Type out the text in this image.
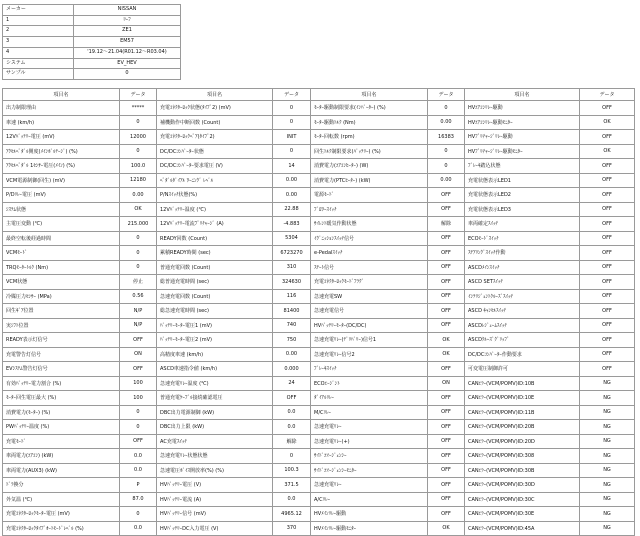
メーカー	NISSAN
1	ﾘｰﾌ
2	ZE1
3	EM57
4	'19.12～21.04(R01.12～R03.04)
システム	EV_HEV
サンプル	0
項目名	データ	項目名	データ	項目名	データ	項目名	データ
出力制限理由	*****	充電ｺﾈｸﾀｰﾛｯｸ状態(ﾀｲﾌﾟ2) (mV)	0	ﾓｰﾀｰ駆動制限要求(ｲﾝﾊﾞｰﾀｰ) (%)	0	HVｴｱｺﾝﾘﾚｰ駆動	OFF
車速 (km/h)	0	補機動作中断回数 (Count)	0	ﾓｰﾀｰ駆動ﾄﾙｸ (Nm)	0.00	HVｴｱｺﾝﾘﾚｰ駆動ﾓﾆﾀｰ	OK
12Vﾊﾞｯﾃﾘｰ電圧 (mV)	12000	充電ｺﾈｸﾀｰﾛｯｸﾍﾟｱ(ﾀｲﾌﾟ2)	INIT	ﾓｰﾀｰ回転数 (rpm)	16383	HVﾌﾟﾘﾁｬｰｼﾞﾘﾚｰ駆動	OFF
ｱｸｾﾙﾍﾟﾀﾞﾙ開度(ﾒｲﾝﾎﾞﾙﾃｰｼﾞ) (%)	0	DC/DCｺﾝﾊﾞｰﾀｰ状態	0	回生ﾄﾙｸ制限要求(ﾊﾞｯﾃﾘｰ) (%)	0	HVﾌﾟﾘﾁｬｰｼﾞﾘﾚｰ駆動ﾓﾆﾀｰ	OK
ｱｸｾﾙﾍﾟﾀﾞﾙ 1ｾﾝｻｰ電圧(ﾒｲﾝ) (%)	100.0	DC/DCｺﾝﾊﾞｰﾀｰ要求電圧 (V)	14	消費電力(ｴｱｺﾝﾋｰﾀｰ) (W)	0	ﾌﾞﾚｰｷ踏込状態	OFF
VCM電源制御(回生) (mV)	12180	ﾍﾟﾀﾞﾙﾀﾞｲｱﾙ ﾜｰﾆﾝｸﾞ ﾚﾍﾞﾙ	0.00	消費電力(PTCﾋｰﾀｰ) (kW)	0.00	充電状態表示LED1	OFF
P/Dﾘﾚｰ電圧 (mV)	0.00	P/Nｽｲｯﾁ状態(%)	0.00	電源ﾓｰﾄﾞ	OFF	充電状態表示LED2	OFF
ｼｽﾃﾑ状態	OK	12Vﾊﾞｯﾃﾘｰ温度 (℃)	22.88	ﾌﾞﾛﾜｰｽｲｯﾁ	OFF	充電状態表示LED3	OFF
主電圧変動 (℃)	215.000	12Vﾊﾞｯﾃﾘｰ電流ﾌﾟﾘﾁｬｰｼﾞ (A)	-4.883	ｻｲﾚﾝﾄ暖気作動状態	解除	車両確定ｽｲｯﾁ	OFF
最終空転後経過時間	0	READY回数 (Count)	5304	ｲｸﾞﾆｯｼｮﾝｽｲｯﾁ信号	OFF	ECOﾓｰﾄﾞｽｲｯﾁ	OFF
VCMﾓｰﾄﾞ	0	累積READY時間 (sec)	6723270	e-Pedalｽｲｯﾁ	OFF	ｽﾃｱﾘﾝｸﾞｽｲｯﾁ作動	OFF
TRQﾓｰﾀｰﾄﾙｸ (Nm)	0	普通充電回数 (Count)	310	ｽﾃｰﾄ信号	OFF	ASCDﾒｲﾝｽｲｯﾁ	OFF
VCM状態	停止	総普通充電時間 (sec)	324630	充電ｺﾈｸﾀｰﾛｯｸﾓｰﾄﾞﾌﾗｸﾞ	OFF	ASCD SETｽｲｯﾁ	OFF
冷媒圧力ｾﾝｻｰ (MPa)	0.56	急速充電回数 (Count)	116	急速充電SW	OFF	ｲﾝﾃﾘｼﾞｪﾝﾄｸﾙｰｽﾞｽｲｯﾁ	OFF
回生ｷﾞｱ位置	N/P	総急速充電時間 (sec)	81400	急速充電信号	OFF	ASCD ｷｬﾝｾﾙｽｲｯﾁ	OFF
実ｼﾌﾄ位置	N/P	ﾊﾞｯﾃﾘｰﾓｰﾀｰ電圧1 (mV)	740	HVﾊﾞｯﾃﾘｰﾓｰﾀｰ(DC/DC)	OFF	ASCDﾚｼﾞｭｰﾑｽｲｯﾁ	OFF
READY表示灯信号	OFF	ﾊﾞｯﾃﾘｰﾓｰﾀｰ電圧2 (mV)	750	急速充電ﾘﾚｰ(ﾃﾞﾘﾊﾞﾘｰ)信号1	OK	ASCDｸﾙｰｽﾞｸﾞﾘｯﾌﾟ	OFF
充電警告灯信号	ON	高精度車速 (km/h)	0.00	急速充電ﾘﾚｰ信号2	OK	DC/DCｺﾝﾊﾞｰﾀｰ作動要求	OFF
EVｼｽﾃﾑ警告灯信号	OFF	ASCD車速指令値 (km/h)	0.000	ﾌﾞﾚｰｷｽｲｯﾁ	OFF	可変電圧制御許可	OFF
有効ﾊﾞｯﾃﾘｰ電力割合 (%)	100	急速充電ﾘﾚｰ温度 (℃)	24	ECOｴｰｼﾞﾝﾄ	ON	CANｴﾗｰ(VCM/POMV)ID:10B	NG
ﾓｰﾀｰ回生電圧最大 (%)	100	普通充電ｹｰﾌﾞﾙ接続確認電圧	OFF	ﾀﾞｲｱﾙﾘﾚｰ	OFF	CANｴﾗｰ(VCM/POMV)ID:10E	NG
消費電力(ﾓｰﾀｰ) (%)	0	DBC出力電源制御 (kW)	0.0	M/Cﾘﾚｰ	OFF	CANｴﾗｰ(VCM/POMV)ID:11B	NG
PWﾊﾞｯﾃﾘｰ温度 (%)	0	DBC出力上限 (kW)	0.0	急速充電ﾘﾚｰ	OFF	CANｴﾗｰ(VCM/POMV)ID:20B	NG
充電ﾓｰﾄﾞ	OFF	AC充電ｽｲｯﾁ	解除	急速充電ﾘﾚｰ(+)	OFF	CANｴﾗｰ(VCM/POMV)ID:20D	NG
車両電力(ｴｱｺﾝ) (kW)	0.0	急速充電ﾘﾚｰ状態状態	0	ｻｲﾄﾞｴﾏｰｼﾞｪﾝｼｰ	OFF	CANｴﾗｰ(VCM/POMV)ID:308	NG
車両電力(AUX3) (kW)	0.0	急速電圧ﾎﾞｲｽ開放率(%) (%)	100.3	ｻｲﾄﾞｴﾏｰｼﾞｪﾝｼｰﾓﾆﾀｰ	OFF	CANｴﾗｰ(VCM/POMV)ID:30B	NG
ﾄﾞﾗ換分	P	HVﾊﾞｯﾃﾘｰ電圧 (V)	371.5	急速充電ﾘﾚｰ	OFF	CANｴﾗｰ(VCM/POMV)ID:30D	NG
外気温 (℃)	87.0	HVﾊﾞｯﾃﾘｰ電流 (A)	0.0	A/Cﾘﾚｰ	OFF	CANｴﾗｰ(VCM/POMV)ID:30C	NG
充電ｺﾈｸﾀｰﾛｯｸﾓｰﾀｰ電圧 (mV)	0	HVﾊﾞｯﾃﾘｰ信号 (mV)	4965.12	HVﾒｲﾝﾘﾚｰ駆動	OFF	CANｴﾗｰ(VCM/POMV)ID:30E	NG
充電ｺﾈｸﾀｰﾛｯｸﾀｲﾌﾟｵｰﾄﾓｰﾄﾞﾚﾍﾞﾙ (%)	0.0	HVﾊﾞｯﾃﾘｰDC入力電圧 (V)	370	HVﾒｲﾝﾘﾚｰ駆動ﾓﾆﾀｰ	OK	CANｴﾗｰ(VCM/POMV)ID:45A	NG
